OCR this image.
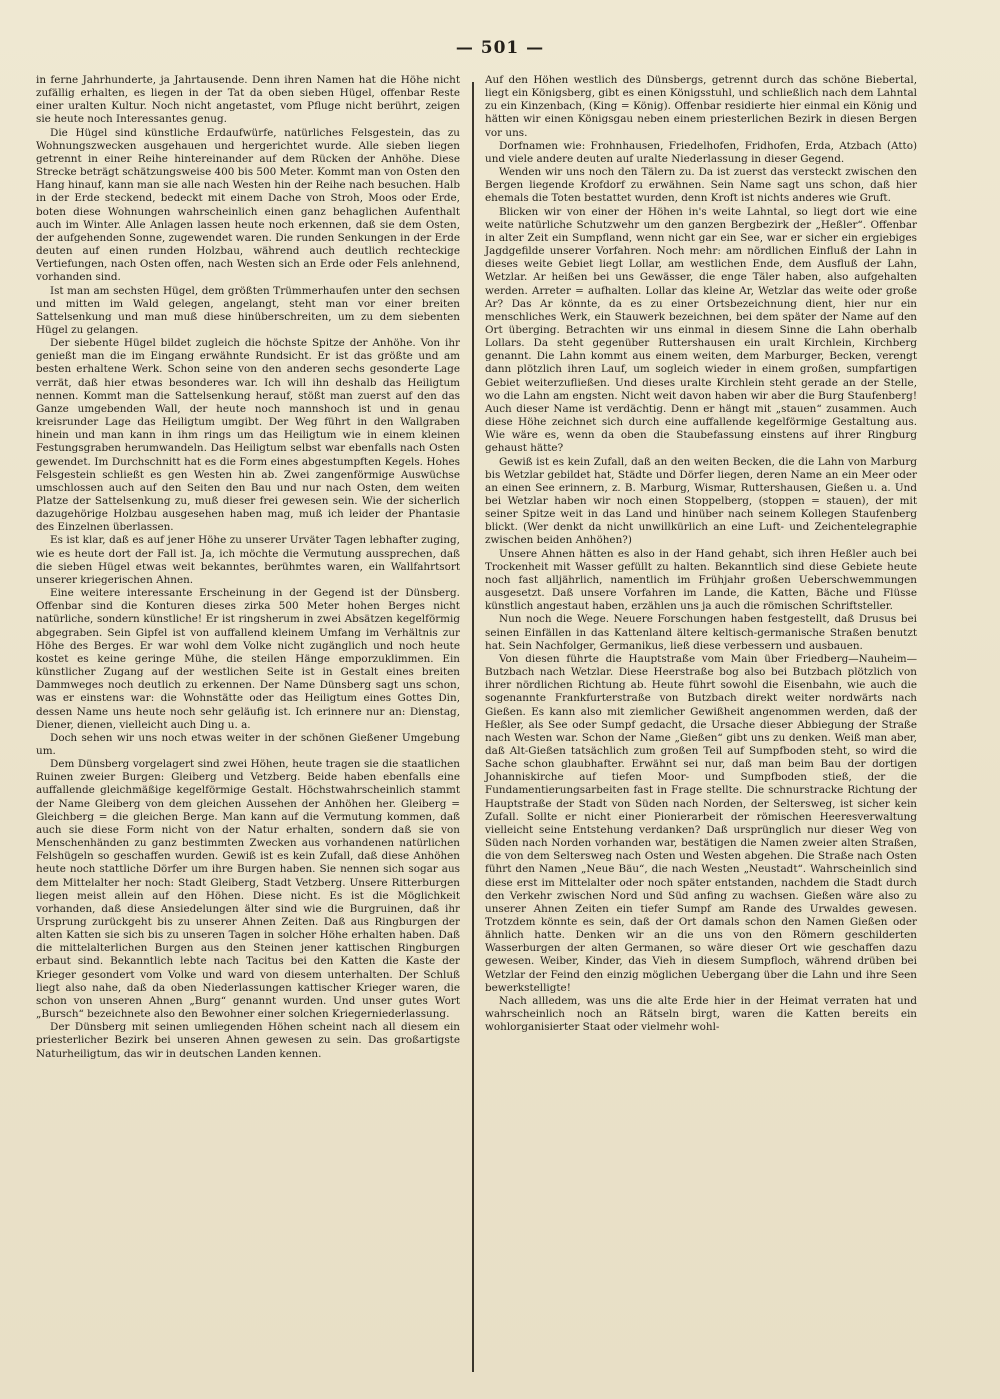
— 501 —

in ferne Jahrhunderte, ja Jahrtausende. Denn ihren Namen hat die Höhe nicht zufällig erhalten, es liegen in der Tat da oben sieben Hügel, offenbar Reste einer uralten Kultur. Noch nicht angetastet, vom Pfluge nicht berührt, zeigen sie heute noch Interessantes genug.

Die Hügel sind künstliche Erdaufwürfe, natürliches Felsgestein, das zu Wohnungszwecken ausgehauen und hergerichtet wurde. Alle sieben liegen getrennt in einer Reihe hintereinander auf dem Rücken der Anhöhe. Diese Strecke beträgt schätzungsweise 400 bis 500 Meter. Kommt man von Osten den Hang hinauf, kann man sie alle nach Westen hin der Reihe nach besuchen. Halb in der Erde steckend, bedeckt mit einem Dache von Stroh, Moos oder Erde, boten diese Wohnungen wahrscheinlich einen ganz behaglichen Aufenthalt auch im Winter. Alle Anlagen lassen heute noch erkennen, daß sie dem Osten, der aufgehenden Sonne, zugewendet waren. Die runden Senkungen in der Erde deuten auf einen runden Holzbau, während auch deutlich rechteckige Vertiefungen, nach Osten offen, nach Westen sich an Erde oder Fels anlehnend, vorhanden sind.

Ist man am sechsten Hügel, dem größten Trümmerhaufen unter den sechsen und mitten im Wald gelegen, angelangt, steht man vor einer breiten Sattelsenkung und man muß diese hinüberschreiten, um zu dem siebenten Hügel zu gelangen.

Der siebente Hügel bildet zugleich die höchste Spitze der Anhöhe. Von ihr genießt man die im Eingang erwähnte Rundsicht. Er ist das größte und am besten erhaltene Werk. Schon seine von den anderen sechs gesonderte Lage verrät, daß hier etwas besonderes war. Ich will ihn deshalb das Heiligtum nennen. Kommt man die Sattelsenkung herauf, stößt man zuerst auf den das Ganze umgebenden Wall, der heute noch mannshoch ist und in genau kreisrunder Lage das Heiligtum umgibt. Der Weg führt in den Wallgraben hinein und man kann in ihm rings um das Heiligtum wie in einem kleinen Festungsgraben herumwandeln. Das Heiligtum selbst war ebenfalls nach Osten gewendet. Im Durchschnitt hat es die Form eines abgestumpften Kegels. Hohes Felsgestein schließt es gen Westen hin ab. Zwei zangenförmige Auswüchse umschlossen auch auf den Seiten den Bau und nur nach Osten, dem weiten Platze der Sattelsenkung zu, muß dieser frei gewesen sein. Wie der sicherlich dazugehörige Holzbau ausgesehen haben mag, muß ich leider der Phantasie des Einzelnen überlassen.

Es ist klar, daß es auf jener Höhe zu unserer Urväter Tagen lebhafter zuging, wie es heute dort der Fall ist. Ja, ich möchte die Vermutung aussprechen, daß die sieben Hügel etwas weit bekanntes, berühmtes waren, ein Wallfahrtsort unserer kriegerischen Ahnen.

Eine weitere interessante Erscheinung in der Gegend ist der Dünsberg. Offenbar sind die Konturen dieses zirka 500 Meter hohen Berges nicht natürliche, sondern künstliche! Er ist ringsherum in zwei Absätzen kegelförmig abgegraben. Sein Gipfel ist von auffallend kleinem Umfang im Verhältnis zur Höhe des Berges. Er war wohl dem Volke nicht zugänglich und noch heute kostet es keine geringe Mühe, die steilen Hänge emporzuklimmen. Ein künstlicher Zugang auf der westlichen Seite ist in Gestalt eines breiten Dammweges noch deutlich zu erkennen. Der Name Dünsberg sagt uns schon, was er einstens war: die Wohnstätte oder das Heiligtum eines Gottes Din, dessen Name uns heute noch sehr geläufig ist. Ich erinnere nur an: Dienstag, Diener, dienen, vielleicht auch Ding u. a.

Doch sehen wir uns noch etwas weiter in der schönen Gießener Umgebung um.

Dem Dünsberg vorgelagert sind zwei Höhen, heute tragen sie die staatlichen Ruinen zweier Burgen: Gleiberg und Vetzberg. Beide haben ebenfalls eine auffallende gleichmäßige kegelförmige Gestalt. Höchstwahrscheinlich stammt der Name Gleiberg von dem gleichen Aussehen der Anhöhen her. Gleiberg = Gleichberg = die gleichen Berge. Man kann auf die Vermutung kommen, daß auch sie diese Form nicht von der Natur erhalten, sondern daß sie von Menschenhänden zu ganz bestimmten Zwecken aus vorhandenen natürlichen Felshügeln so geschaffen wurden. Gewiß ist es kein Zufall, daß diese Anhöhen heute noch stattliche Dörfer um ihre Burgen haben. Sie nennen sich sogar aus dem Mittelalter her noch: Stadt Gleiberg, Stadt Vetzberg. Unsere Ritterburgen liegen meist allein auf den Höhen. Diese nicht. Es ist die Möglichkeit vorhanden, daß diese Ansiedelungen älter sind wie die Burgruinen, daß ihr Ursprung zurückgeht bis zu unserer Ahnen Zeiten. Daß aus Ringburgen der alten Katten sie sich bis zu unseren Tagen in solcher Höhe erhalten haben. Daß die mittelalterlichen Burgen aus den Steinen jener kattischen Ringburgen erbaut sind. Bekanntlich lebte nach Tacitus bei den Katten die Kaste der Krieger gesondert vom Volke und ward von diesem unterhalten. Der Schluß liegt also nahe, daß da oben Niederlassungen kattischer Krieger waren, die schon von unseren Ahnen „Burg“ genannt wurden. Und unser gutes Wort „Bursch“ bezeichnete also den Bewohner einer solchen Kriegerniederlassung.

Der Dünsberg mit seinen umliegenden Höhen scheint nach all diesem ein priesterlicher Bezirk bei unseren Ahnen gewesen zu sein. Das großartigste Naturheiligtum, das wir in deutschen Landen kennen.

Auf den Höhen westlich des Dünsbergs, getrennt durch das schöne Biebertal, liegt ein Königsberg, gibt es einen Königsstuhl, und schließlich nach dem Lahntal zu ein Kinzenbach, (King = König). Offenbar residierte hier einmal ein König und hätten wir einen Königsgau neben einem priesterlichen Bezirk in diesen Bergen vor uns.

Dorfnamen wie: Frohnhausen, Friedelhofen, Fridhofen, Erda, Atzbach (Atto) und viele andere deuten auf uralte Niederlassung in dieser Gegend.

Wenden wir uns noch den Tälern zu. Da ist zuerst das versteckt zwischen den Bergen liegende Krofdorf zu erwähnen. Sein Name sagt uns schon, daß hier ehemals die Toten bestattet wurden, denn Kroft ist nichts anderes wie Gruft.

Blicken wir von einer der Höhen in's weite Lahntal, so liegt dort wie eine weite natürliche Schutzwehr um den ganzen Bergbezirk der „Heßler“. Offenbar in alter Zeit ein Sumpfland, wenn nicht gar ein See, war er sicher ein ergiebiges Jagdgefilde unserer Vorfahren. Noch mehr: am nördlichen Einfluß der Lahn in dieses weite Gebiet liegt Lollar, am westlichen Ende, dem Ausfluß der Lahn, Wetzlar. Ar heißen bei uns Gewässer, die enge Täler haben, also aufgehalten werden. Arreter = aufhalten. Lollar das kleine Ar, Wetzlar das weite oder große Ar? Das Ar könnte, da es zu einer Ortsbezeichnung dient, hier nur ein menschliches Werk, ein Stauwerk bezeichnen, bei dem später der Name auf den Ort überging. Betrachten wir uns einmal in diesem Sinne die Lahn oberhalb Lollars. Da steht gegenüber Ruttershausen ein uralt Kirchlein, Kirchberg genannt. Die Lahn kommt aus einem weiten, dem Marburger, Becken, verengt dann plötzlich ihren Lauf, um sogleich wieder in einem großen, sumpfartigen Gebiet weiterzufließen. Und dieses uralte Kirchlein steht gerade an der Stelle, wo die Lahn am engsten. Nicht weit davon haben wir aber die Burg Staufenberg! Auch dieser Name ist verdächtig. Denn er hängt mit „stauen“ zusammen. Auch diese Höhe zeichnet sich durch eine auffallende kegelförmige Gestaltung aus. Wie wäre es, wenn da oben die Staubefassung einstens auf ihrer Ringburg gehaust hätte?

Gewiß ist es kein Zufall, daß an den weiten Becken, die die Lahn von Marburg bis Wetzlar gebildet hat, Städte und Dörfer liegen, deren Name an ein Meer oder an einen See erinnern, z. B. Marburg, Wismar, Ruttershausen, Gießen u. a. Und bei Wetzlar haben wir noch einen Stoppelberg, (stoppen = stauen), der mit seiner Spitze weit in das Land und hinüber nach seinem Kollegen Staufenberg blickt. (Wer denkt da nicht unwillkürlich an eine Luft- und Zeichentelegraphie zwischen beiden Anhöhen?)

Unsere Ahnen hätten es also in der Hand gehabt, sich ihren Heßler auch bei Trockenheit mit Wasser gefüllt zu halten. Bekanntlich sind diese Gebiete heute noch fast alljährlich, namentlich im Frühjahr großen Ueberschwemmungen ausgesetzt. Daß unsere Vorfahren im Lande, die Katten, Bäche und Flüsse künstlich angestaut haben, erzählen uns ja auch die römischen Schriftsteller.

Nun noch die Wege. Neuere Forschungen haben festgestellt, daß Drusus bei seinen Einfällen in das Kattenland ältere keltisch-germanische Straßen benutzt hat. Sein Nachfolger, Germanikus, ließ diese verbessern und ausbauen.

Von diesen führte die Hauptstraße vom Main über Friedberg—Nauheim—Butzbach nach Wetzlar. Diese Heerstraße bog also bei Butzbach plötzlich von ihrer nördlichen Richtung ab. Heute führt sowohl die Eisenbahn, wie auch die sogenannte Frankfurterstraße von Butzbach direkt weiter nordwärts nach Gießen. Es kann also mit ziemlicher Gewißheit angenommen werden, daß der Heßler, als See oder Sumpf gedacht, die Ursache dieser Abbiegung der Straße nach Westen war. Schon der Name „Gießen“ gibt uns zu denken. Weiß man aber, daß Alt-Gießen tatsächlich zum großen Teil auf Sumpfboden steht, so wird die Sache schon glaubhafter. Erwähnt sei nur, daß man beim Bau der dortigen Johanniskirche auf tiefen Moor- und Sumpfboden stieß, der die Fundamentierungsarbeiten fast in Frage stellte. Die schnurstracke Richtung der Hauptstraße der Stadt von Süden nach Norden, der Seltersweg, ist sicher kein Zufall. Sollte er nicht einer Pionierarbeit der römischen Heeresverwaltung vielleicht seine Entstehung verdanken? Daß ursprünglich nur dieser Weg von Süden nach Norden vorhanden war, bestätigen die Namen zweier alten Straßen, die von dem Seltersweg nach Osten und Westen abgehen. Die Straße nach Osten führt den Namen „Neue Bäu“, die nach Westen „Neustadt“. Wahrscheinlich sind diese erst im Mittelalter oder noch später entstanden, nachdem die Stadt durch den Verkehr zwischen Nord und Süd anfing zu wachsen. Gießen wäre also zu unserer Ahnen Zeiten ein tiefer Sumpf am Rande des Urwaldes gewesen. Trotzdem könnte es sein, daß der Ort damals schon den Namen Gießen oder ähnlich hatte. Denken wir an die uns von den Römern geschilderten Wasserburgen der alten Germanen, so wäre dieser Ort wie geschaffen dazu gewesen. Weiber, Kinder, das Vieh in diesem Sumpfloch, während drüben bei Wetzlar der Feind den einzig möglichen Uebergang über die Lahn und ihre Seen bewerkstelligte!

Nach allledem, was uns die alte Erde hier in der Heimat verraten hat und wahrscheinlich noch an Rätseln birgt, waren die Katten bereits ein wohlorganisierter Staat oder vielmehr wohl-
